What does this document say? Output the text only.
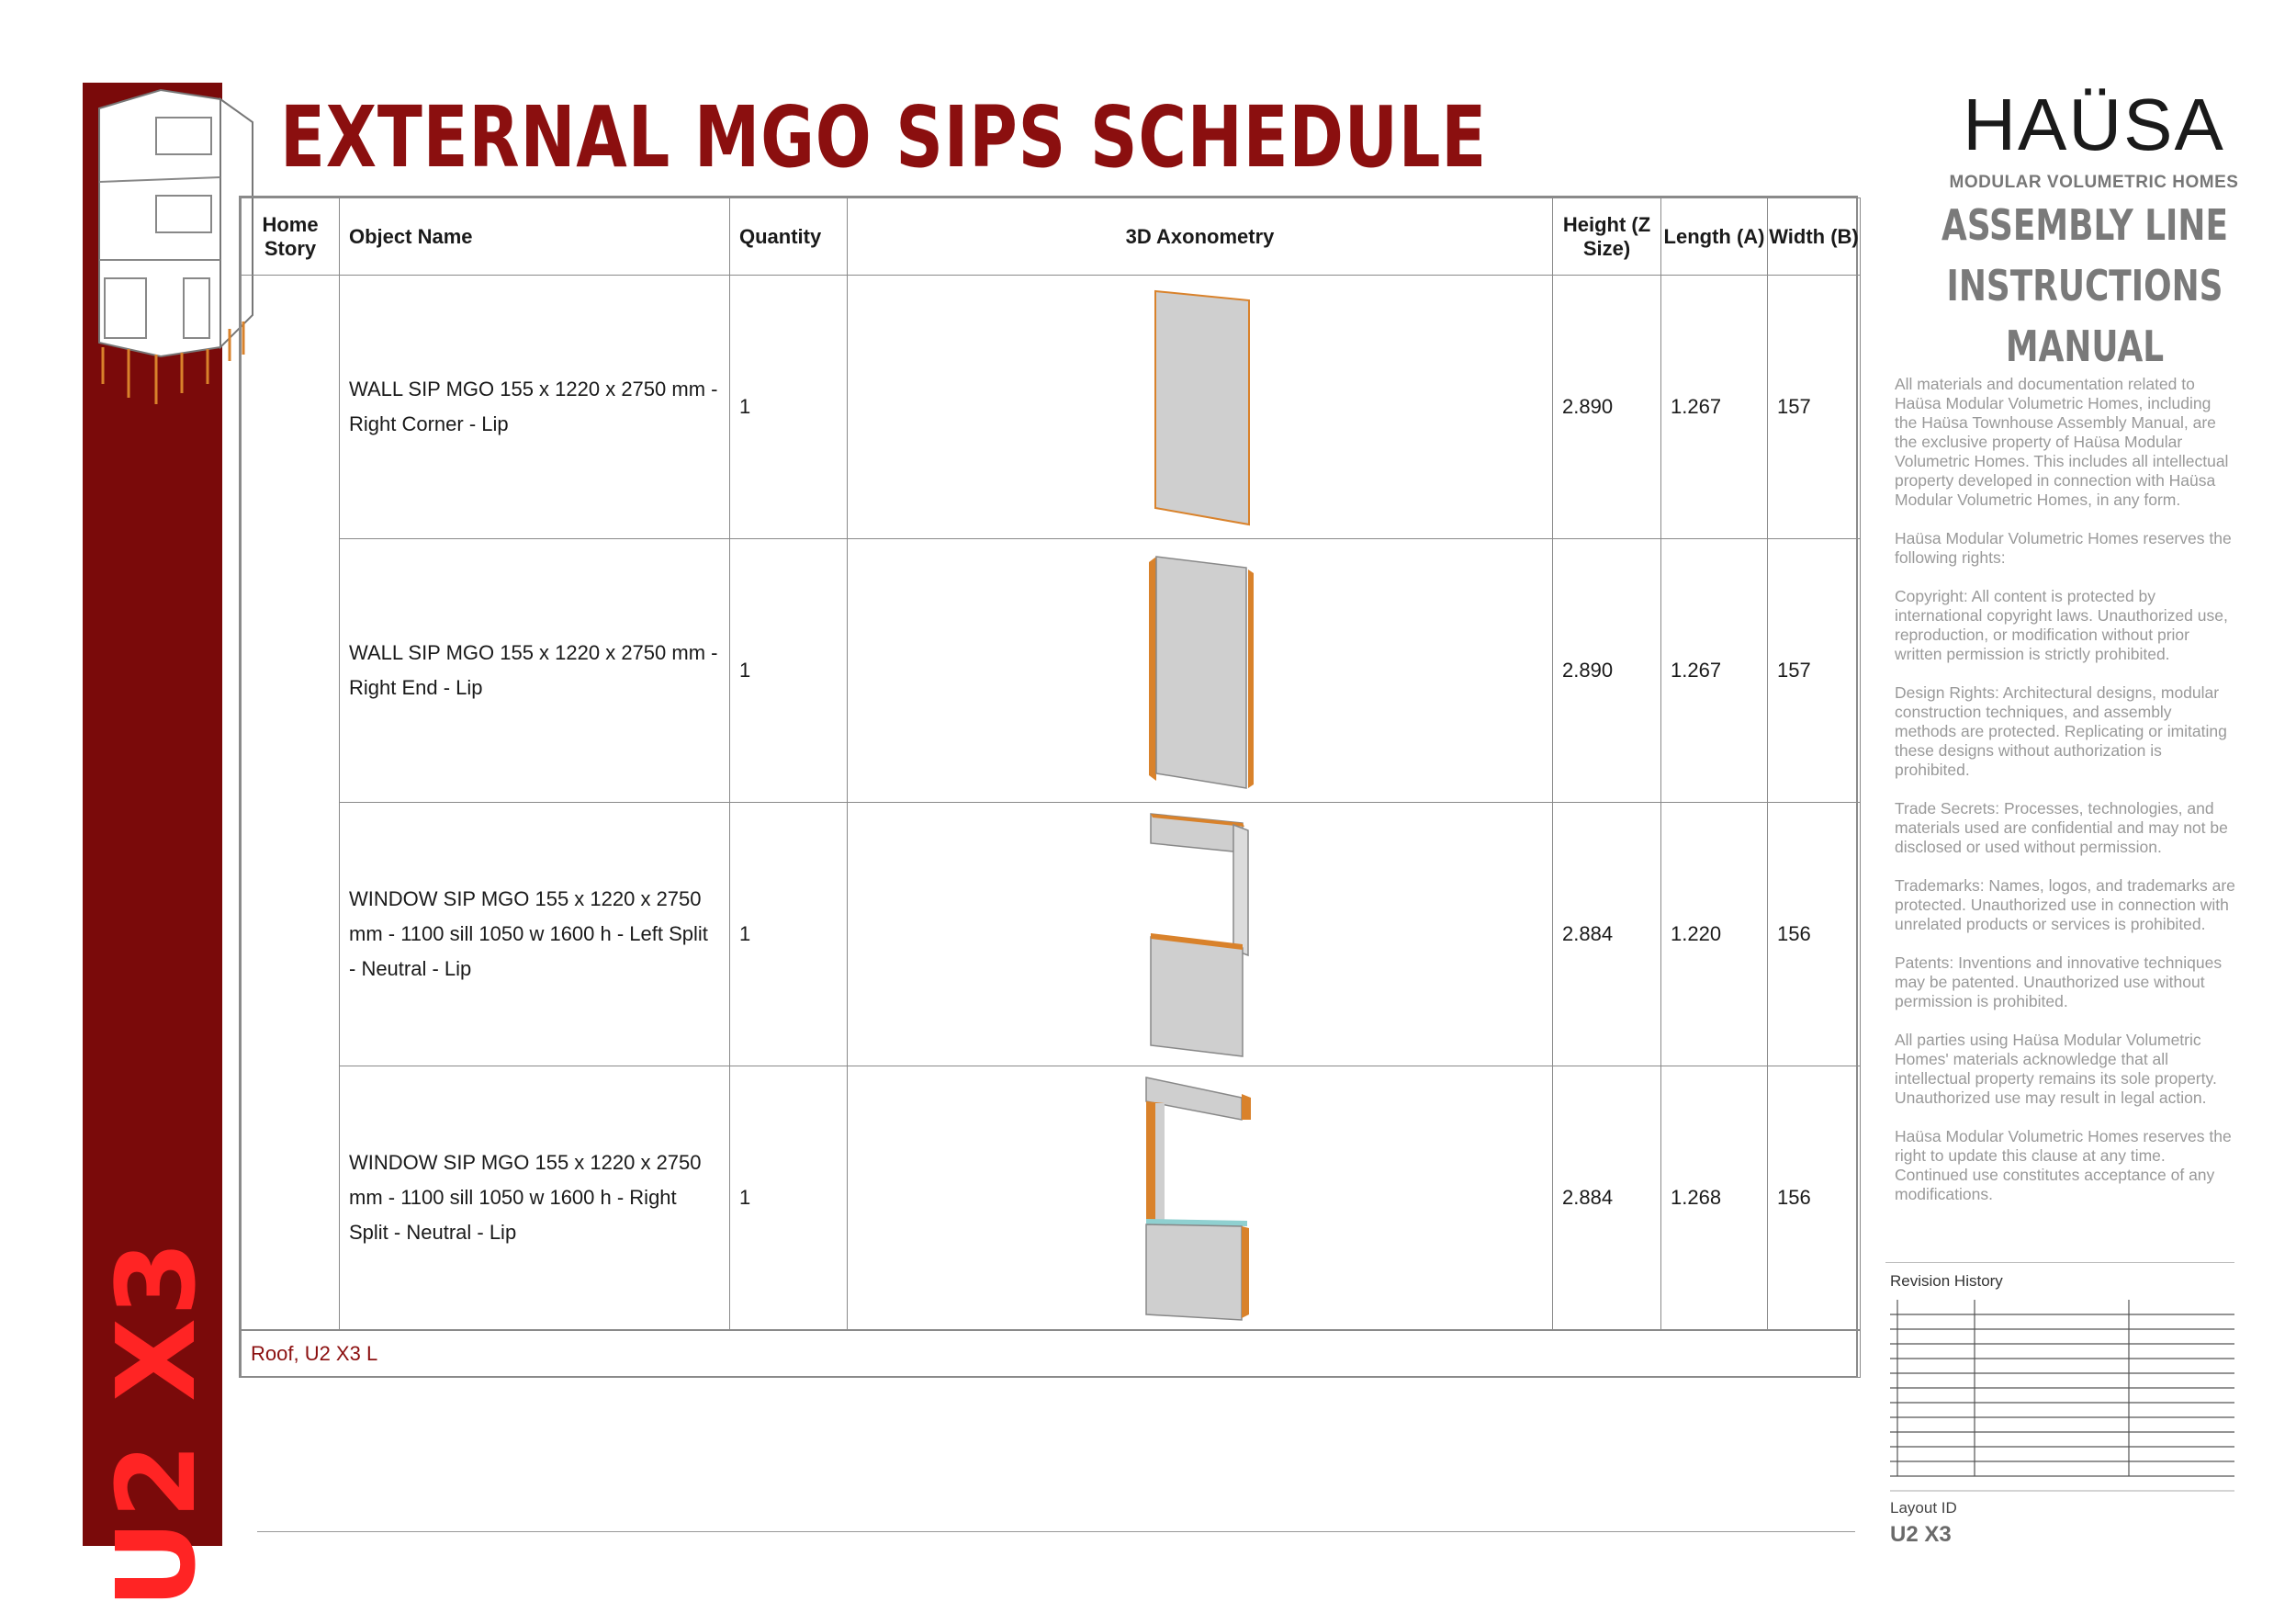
U2 X3
EXTERNAL MGO SIPS SCHEDULE
Home Story	Object Name	Quantity	3D Axonometry	Height (Z Size)	Length (A)	Width (B)
	WALL SIP MGO 155 x 1220 x 2750 mm - Right Corner - Lip	1		2.890	1.267	157
	WALL SIP MGO 155 x 1220 x 2750 mm - Right End - Lip	1		2.890	1.267	157
	WINDOW SIP MGO 155 x 1220 x 2750 mm - 1100 sill 1050 w 1600 h - Left Split - Neutral - Lip	1		2.884	1.220	156
	WINDOW SIP MGO 155 x 1220 x 2750 mm - 1100 sill 1050 w 1600 h - Right Split - Neutral - Lip	1		2.884	1.268	156
Roof, U2 X3 L						
HAÜSA
MODULAR VOLUMETRIC HOMES
ASSEMBLY LINE
INSTRUCTIONS
MANUAL

All materials and documentation related to Haüsa Modular Volumetric Homes, including the Haüsa Townhouse Assembly Manual, are the exclusive property of Haüsa Modular Volumetric Homes. This includes all intellectual property developed in connection with Haüsa Modular Volumetric Homes, in any form.

Haüsa Modular Volumetric Homes reserves the following rights:

Copyright: All content is protected by international copyright laws. Unauthorized use, reproduction, or modification without prior written permission is strictly prohibited.

Design Rights: Architectural designs, modular construction techniques, and assembly methods are protected. Replicating or imitating these designs without authorization is prohibited.

Trade Secrets: Processes, technologies, and materials used are confidential and may not be disclosed or used without permission.

Trademarks: Names, logos, and trademarks are protected. Unauthorized use in connection with unrelated products or services is prohibited.

Patents: Inventions and innovative techniques may be patented. Unauthorized use without permission is prohibited.

All parties using Haüsa Modular Volumetric Homes' materials acknowledge that all intellectual property remains its sole property. Unauthorized use may result in legal action.

Haüsa Modular Volumetric Homes reserves the right to update this clause at any time. Continued use constitutes acceptance of any modifications.

Revision History
Layout ID
U2 X3
